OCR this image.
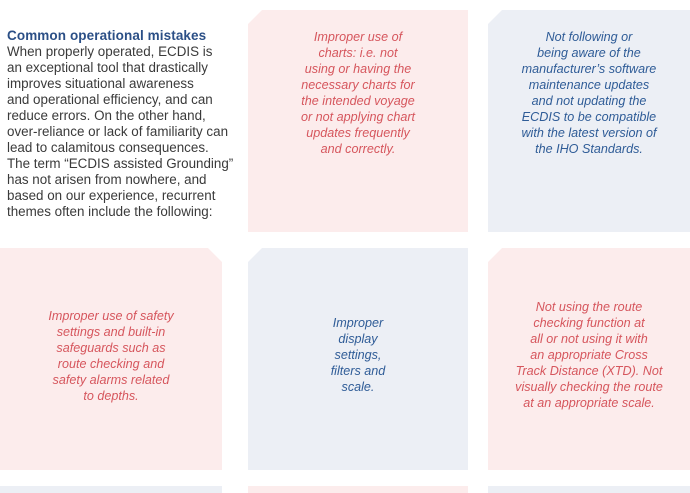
Common operational mistakes
When properly operated, ECDIS is
an exceptional tool that drastically
improves situational awareness
and operational efficiency, and can
reduce errors. On the other hand,
over-reliance or lack of familiarity can
lead to calamitous consequences.
The term “ECDIS assisted Grounding”
has not arisen from nowhere, and
based on our experience, recurrent
themes often include the following:
Improper use of
charts: i.e. not
using or having the
necessary charts for
the intended voyage
or not applying chart
updates frequently
and correctly.
Not following or
being aware of the
manufacturer’s software
maintenance updates
and not updating the
ECDIS to be compatible
with the latest version of
the IHO Standards.
Improper use of safety
settings and built-in
safeguards such as
route checking and
safety alarms related
to depths.
Improper
display
settings,
filters and
scale.
Not using the route
checking function at
all or not using it with
an appropriate Cross
Track Distance (XTD). Not
visually checking the route
at an appropriate scale.
